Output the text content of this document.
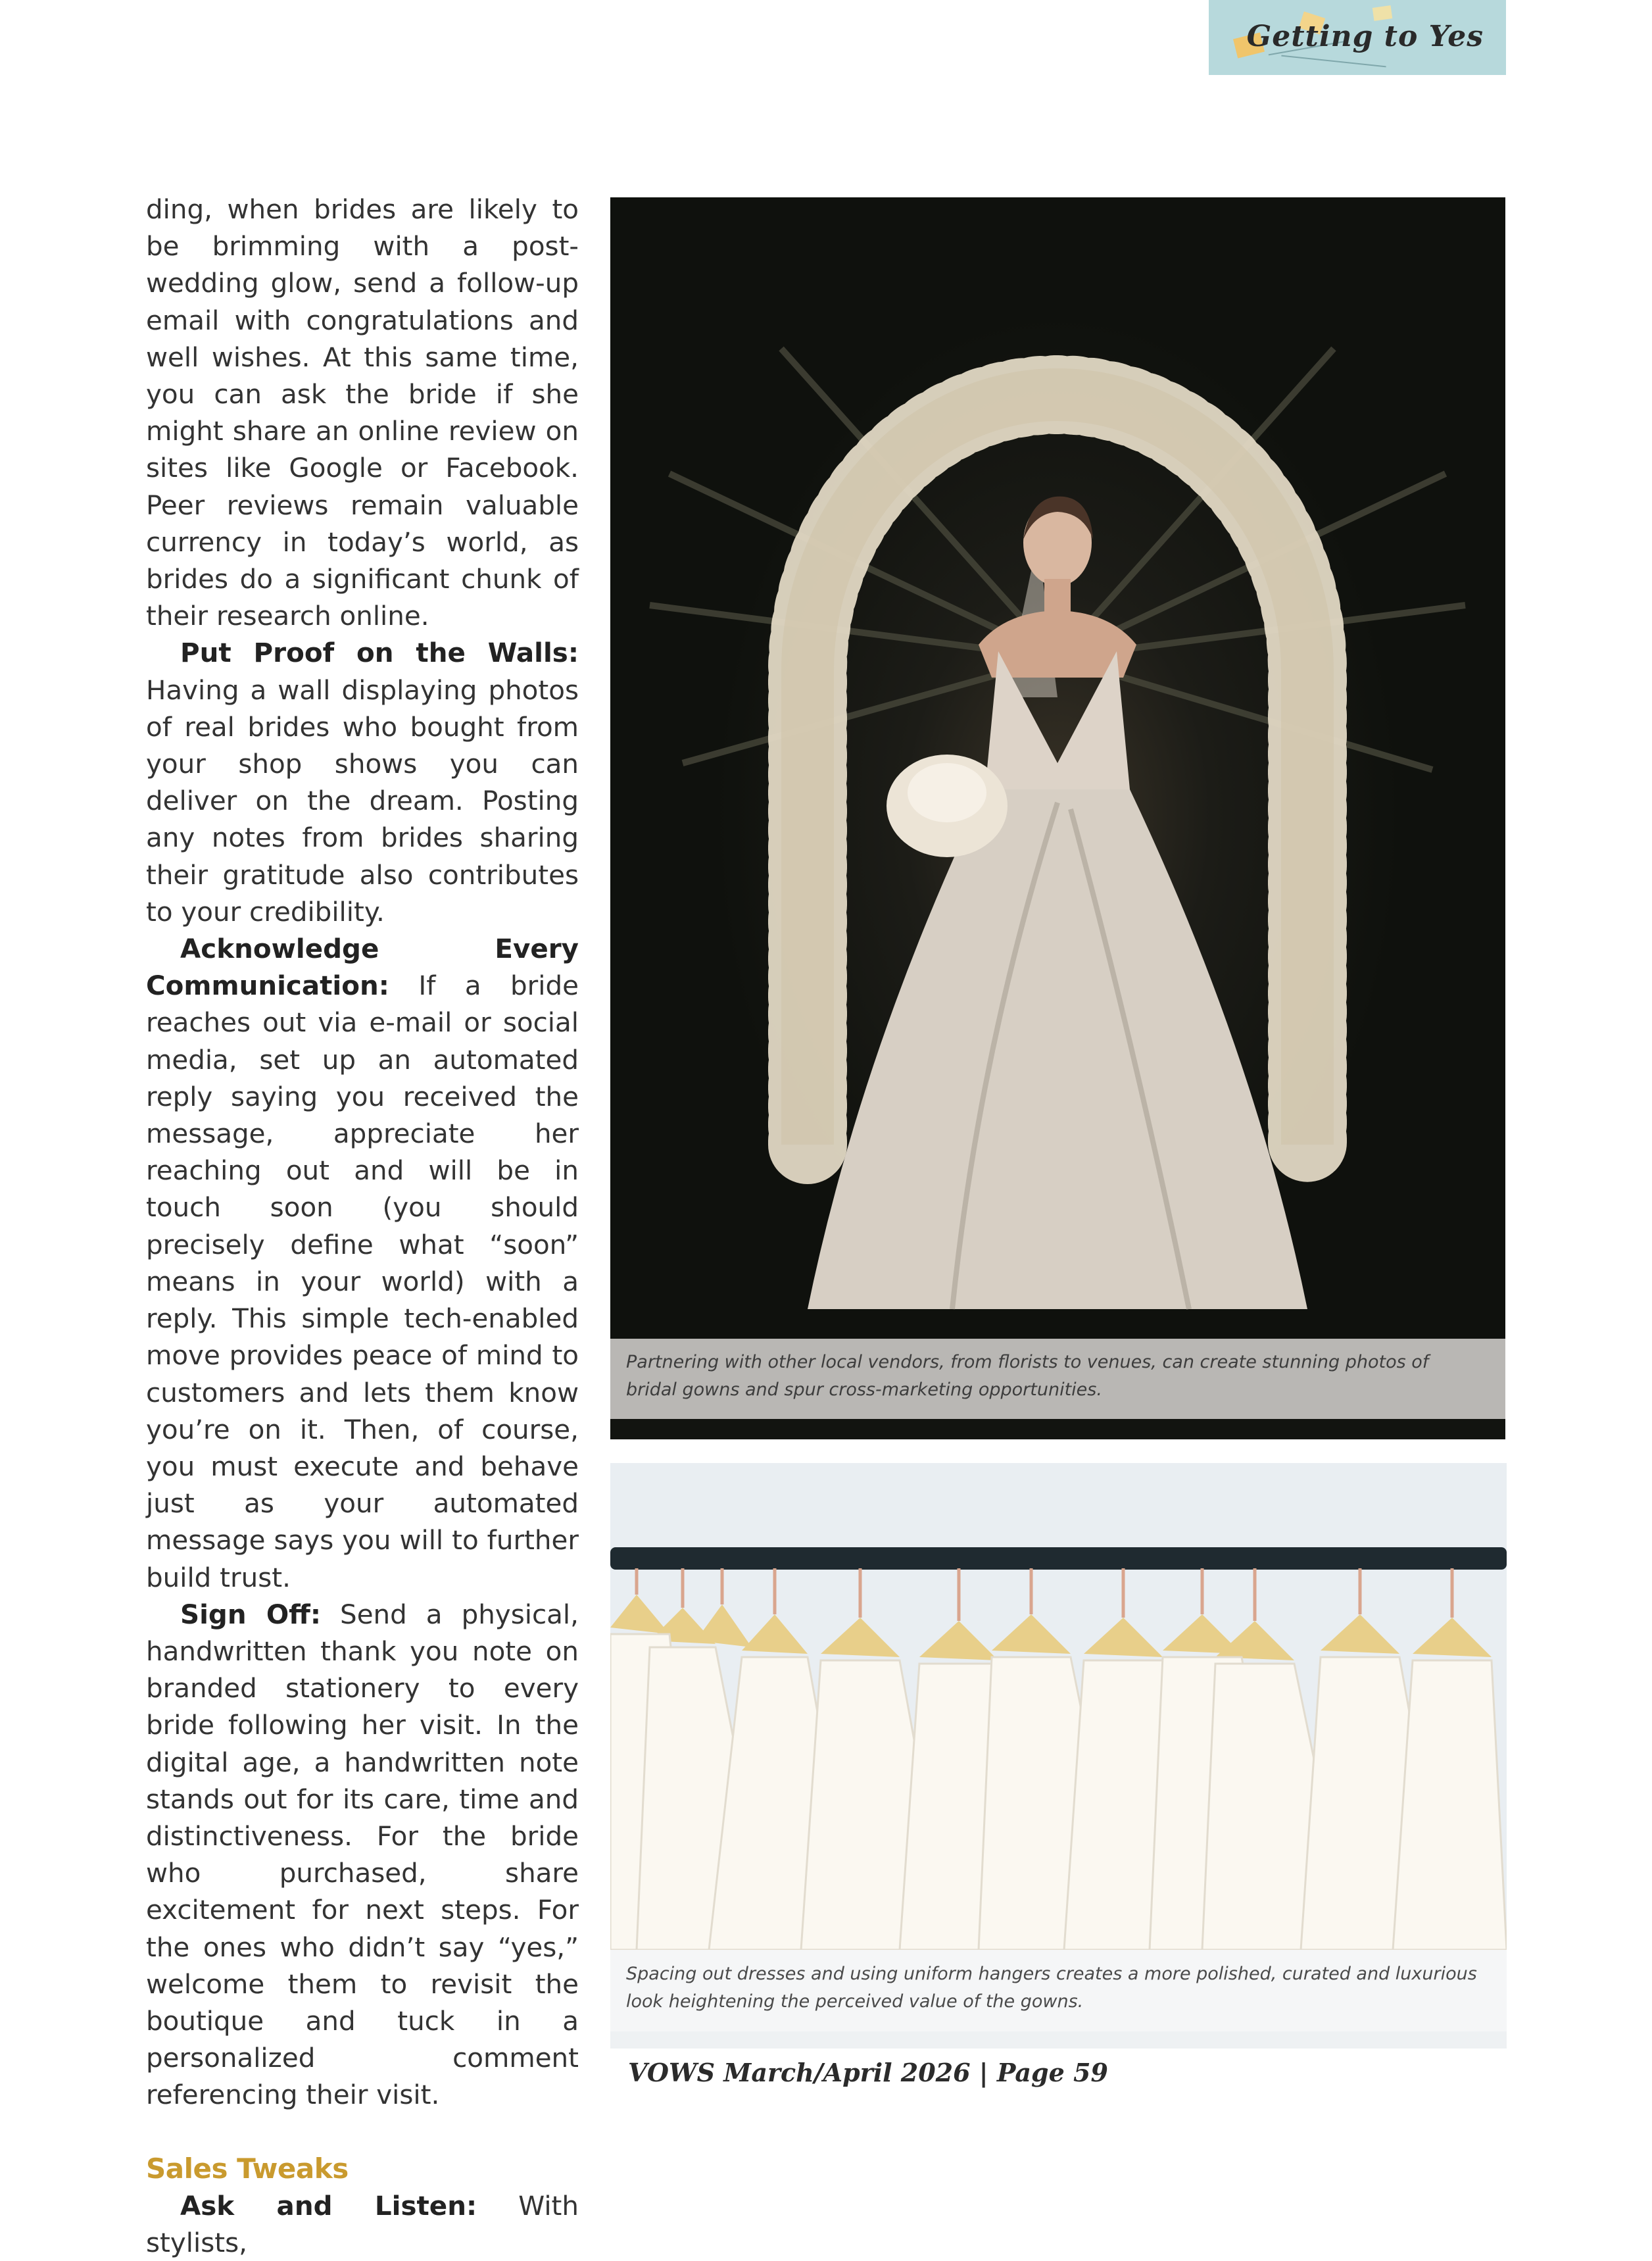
Getting to Yes

ding, when brides are likely to be brimming with a post-wedding glow, send a follow-up email with congratulations and well wishes. At this same time, you can ask the bride if she might share an online review on sites like Google or Facebook. Peer reviews remain valuable currency in today’s world, as brides do a significant chunk of their research online.

Put Proof on the Walls: Having a wall displaying photos of real brides who bought from your shop shows you can deliver on the dream. Posting any notes from brides sharing their gratitude also contributes to your credibility.

Acknowledge Every Communication: If a bride reaches out via e-mail or social media, set up an automated reply saying you received the message, appreciate her reaching out and will be in touch soon (you should precisely define what “soon” means in your world) with a reply. This simple tech-enabled move provides peace of mind to customers and lets them know you’re on it. Then, of course, you must execute and behave just as your automated message says you will to further build trust.

Sign Off: Send a physical, handwritten thank you note on branded stationery to every bride following her visit. In the digital age, a handwritten note stands out for its care, time and distinctiveness. For the bride who purchased, share excitement for next steps. For the ones who didn’t say “yes,” welcome them to revisit the boutique and tuck in a personalized comment referencing their visit.

Sales Tweaks

Ask and Listen: With stylists,

Partnering with other local vendors, from florists to venues, can create stunning photos of bridal gowns and spur cross-marketing opportunities.
Spacing out dresses and using uniform hangers creates a more polished, curated and luxurious look heightening the perceived value of the gowns.
VOWS March/April 2026 | Page 59
